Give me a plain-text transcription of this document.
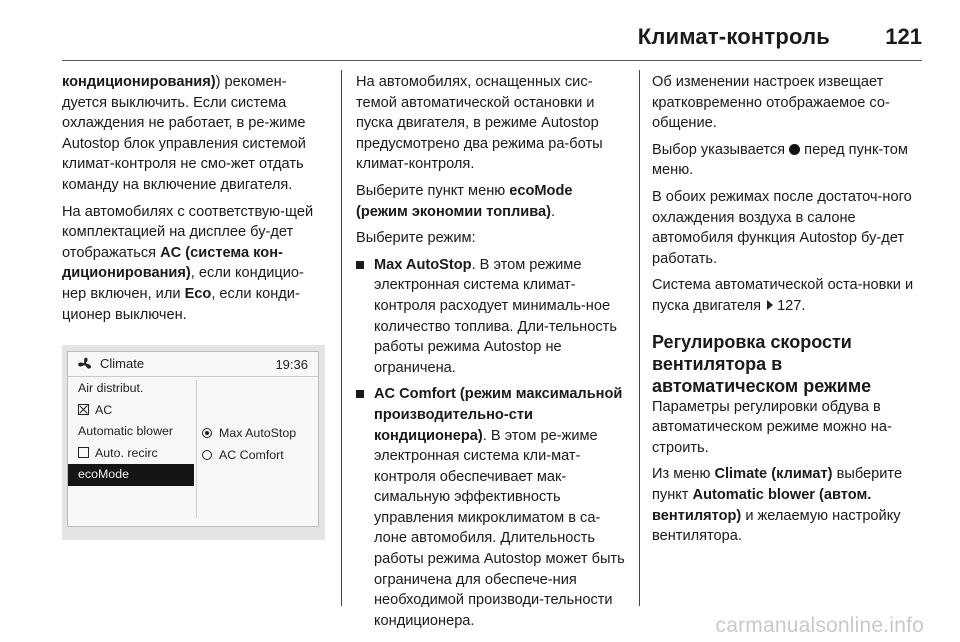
Климат-контроль	121

кондиционирования)) рекомен-дуется выключить. Если система охлаждения не работает, в ре-жиме Autostop блок управления системой климат-контроля не смо-жет отдать команду на включение двигателя.

На автомобилях с соответствую-щей комплектацией на дисплее бу-дет отображаться AC (система кон-диционирования), если кондицио-нер включен, или Eco, если конди-ционер выключен.

Climate	19:36
Air distribut.
AC
Automatic blower
Auto. recirc
ecoMode
Max AutoStop
AC Comfort

На автомобилях, оснащенных сис-темой автоматической остановки и пуска двигателя, в режиме Autostop предусмотрено два режима ра-боты климат-контроля.

Выберите пункт меню ecoMode (режим экономии топлива).

Выберите режим:

Max AutoStop. В этом режиме электронная система климат-контроля расходует минималь-ное количество топлива. Дли-тельность работы режима Autostop не ограничена.
AC Comfort (режим максимальной производительно-сти кондиционера). В этом ре-жиме электронная система кли-мат-контроля обеспечивает мак-симальную эффективность управления микроклиматом в са-лоне автомобиля. Длительность работы режима Autostop может быть ограничена для обеспече-ния необходимой производи-тельности кондиционера.

Об изменении настроек извещает кратковременно отображаемое со-общение.

Выбор указывается  перед пунк-том меню.

В обоих режимах после достаточ-ного охлаждения воздуха в салоне автомобиля функция Autostop бу-дет работать.

Система автоматической оста-новки и пуска двигателя 127.

Регулировка скорости вентилятора в автоматическом режиме

Параметры регулировки обдува в автоматическом режиме можно на-строить.

Из меню Climate (климат) выберите пункт Automatic blower (автом. вентилятор) и желаемую настройку вентилятора.

carmanualsonline.info
